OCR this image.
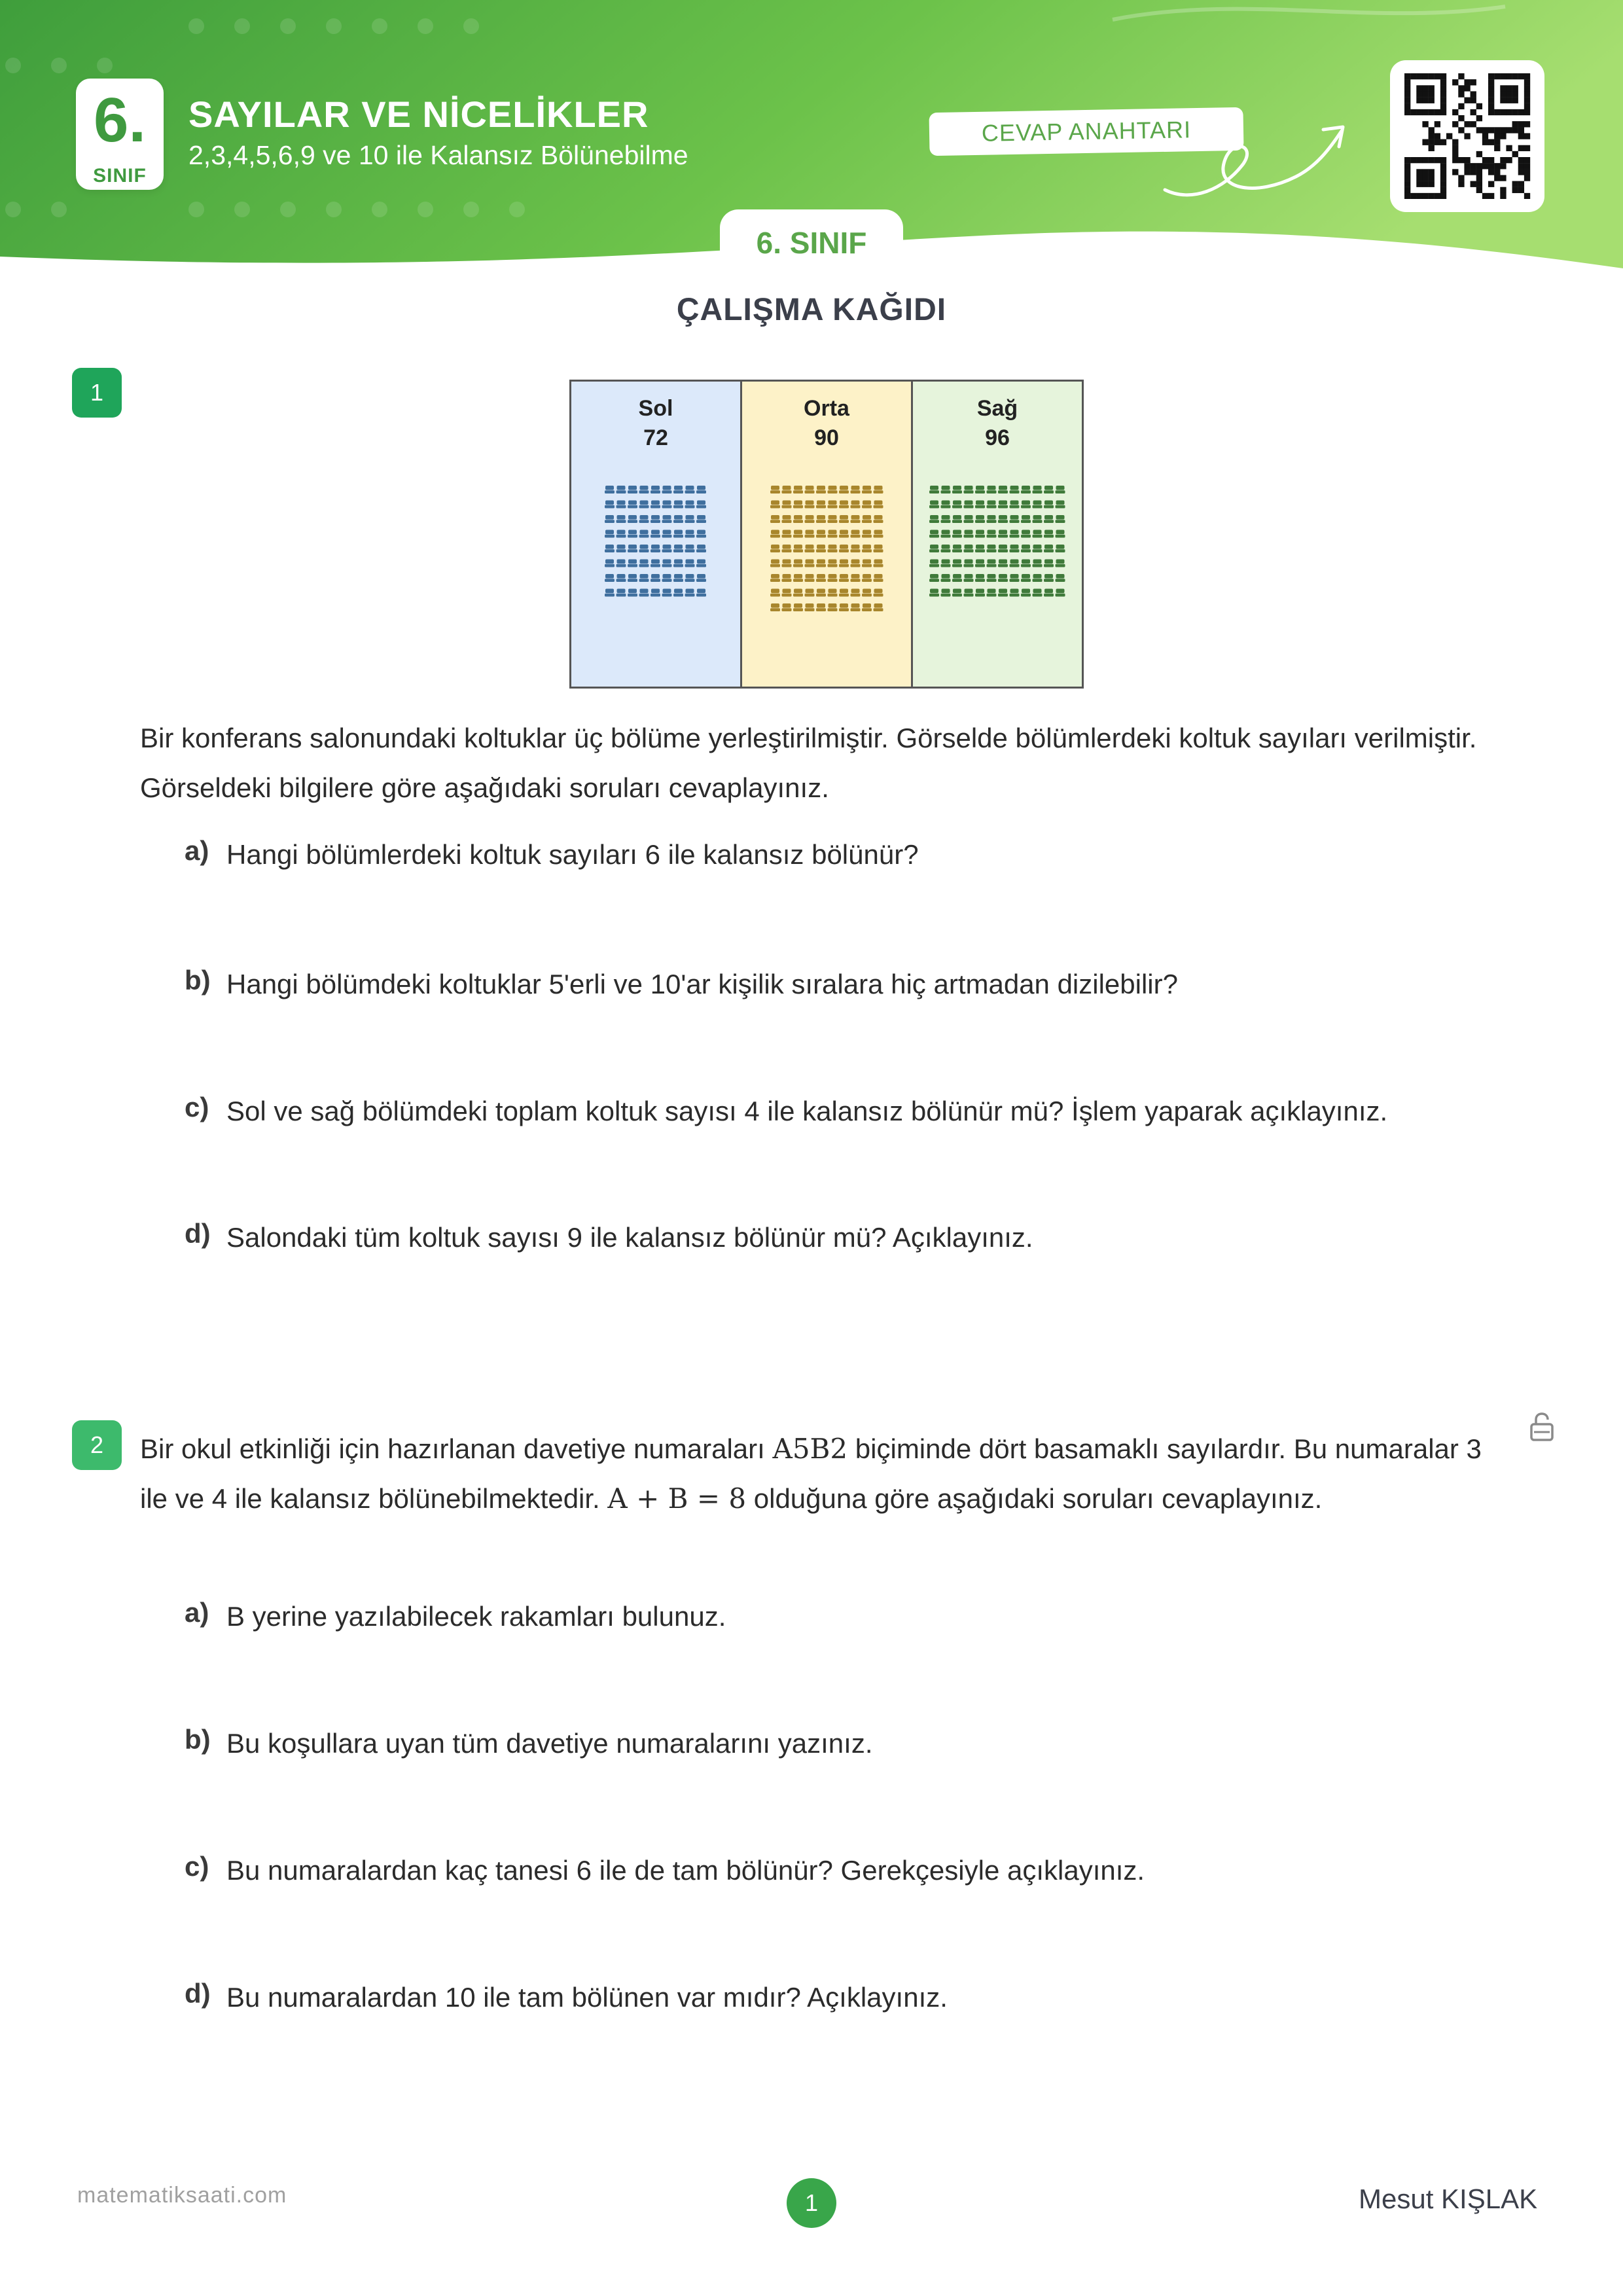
6.
SINIF
SAYILAR VE NİCELİKLER
2,3,4,5,6,9 ve 10 ile Kalansız Bölünebilme
CEVAP ANAHTARI
6. SINIF
ÇALIŞMA KAĞIDI
1
Sol
72
Orta
90
Sağ
96
Bir konferans salonundaki koltuklar üç bölüme yerleştirilmiştir. Görselde bölümlerdeki koltuk sayıları verilmiştir. Görseldeki bilgilere göre aşağıdaki soruları cevaplayınız.
a) Hangi bölümlerdeki koltuk sayıları 6 ile kalansız bölünür?
b) Hangi bölümdeki koltuklar 5'erli ve 10'ar kişilik sıralara hiç artmadan dizilebilir?
c) Sol ve sağ bölümdeki toplam koltuk sayısı 4 ile kalansız bölünür mü? İşlem yaparak açıklayınız.
d) Salondaki tüm koltuk sayısı 9 ile kalansız bölünür mü? Açıklayınız.
2	Bir okul etkinliği için hazırlanan davetiye numaraları A5B2 biçiminde dört basamaklı sayılardır. Bu numaralar 3 ile ve 4 ile kalansız bölünebilmektedir. A + B = 8 olduğuna göre aşağıdaki soruları cevaplayınız.
a) B yerine yazılabilecek rakamları bulunuz.
b) Bu koşullara uyan tüm davetiye numaralarını yazınız.
c) Bu numaralardan kaç tanesi 6 ile de tam bölünür? Gerekçesiyle açıklayınız.
d) Bu numaralardan 10 ile tam bölünen var mıdır? Açıklayınız.
matematiksaati.com	1	Mesut KIŞLAK
